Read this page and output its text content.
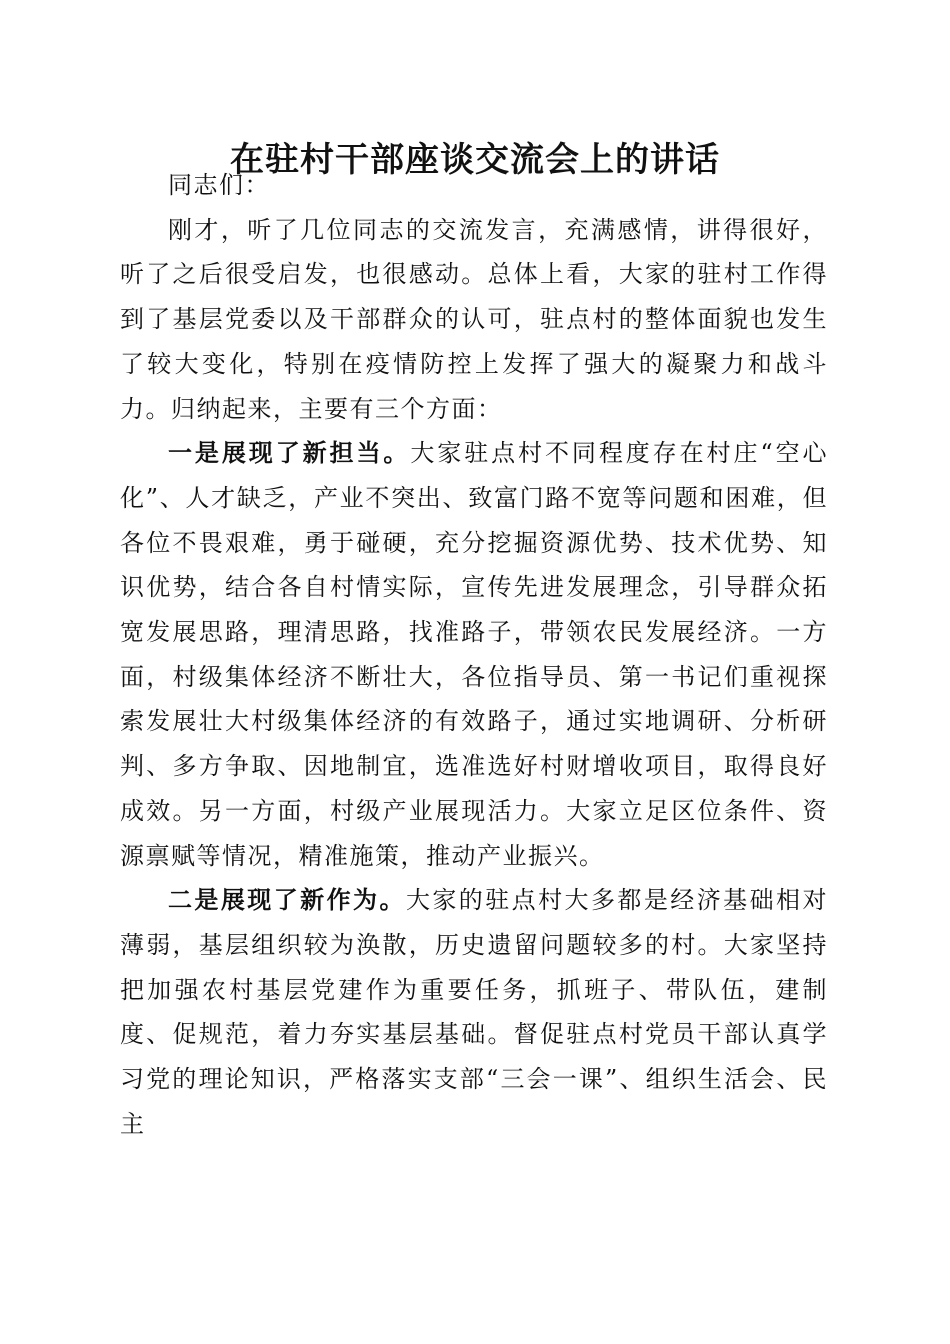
在驻村干部座谈交流会上的讲话

同志们：

刚才，听了几位同志的交流发言，充满感情，讲得很好，听了之后很受启发，也很感动。总体上看，大家的驻村工作得到了基层党委以及干部群众的认可，驻点村的整体面貌也发生了较大变化，特别在疫情防控上发挥了强大的凝聚力和战斗力。归纳起来，主要有三个方面：

一是展现了新担当。大家驻点村不同程度存在村庄“空心化”、人才缺乏，产业不突出、致富门路不宽等问题和困难，但各位不畏艰难，勇于碰硬，充分挖掘资源优势、技术优势、知识优势，结合各自村情实际，宣传先进发展理念，引导群众拓宽发展思路，理清思路，找准路子，带领农民发展经济。一方面，村级集体经济不断壮大，各位指导员、第一书记们重视探索发展壮大村级集体经济的有效路子，通过实地调研、分析研判、多方争取、因地制宜，选准选好村财增收项目，取得良好成效。另一方面，村级产业展现活力。大家立足区位条件、资源禀赋等情况，精准施策，推动产业振兴。

二是展现了新作为。大家的驻点村大多都是经济基础相对薄弱，基层组织较为涣散，历史遗留问题较多的村。大家坚持把加强农村基层党建作为重要任务，抓班子、带队伍，建制度、促规范，着力夯实基层基础。督促驻点村党员干部认真学习党的理论知识，严格落实支部“三会一课”、组织生活会、民主
